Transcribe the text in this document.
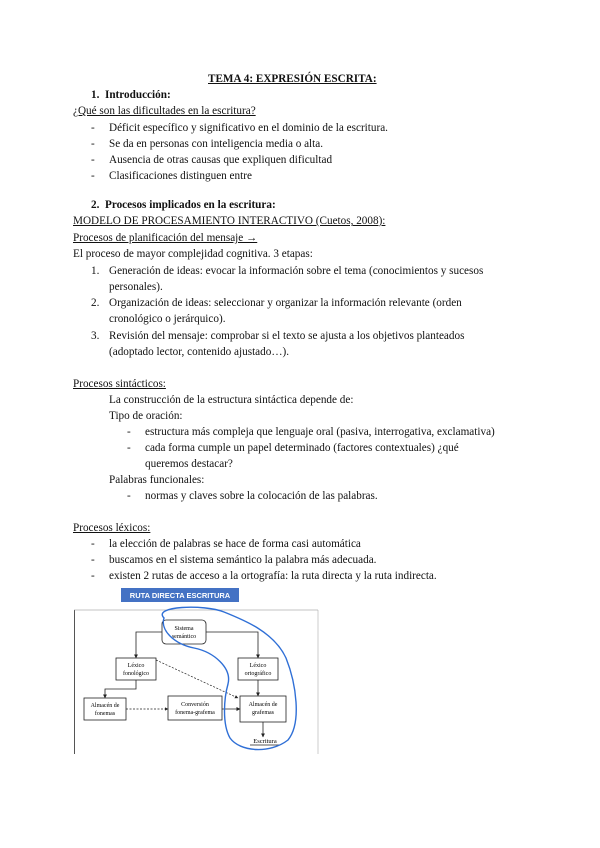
TEMA 4: EXPRESIÓN ESCRITA:
1. Introducción:
¿Qué son las dificultades en la escritura?
- Déficit específico y significativo en el dominio de la escritura.
- Se da en personas con inteligencia media o alta.
- Ausencia de otras causas que expliquen dificultad
- Clasificaciones distinguen entre
2. Procesos implicados en la escritura:
MODELO DE PROCESAMIENTO INTERACTIVO (Cuetos, 2008):
Procesos de planificación del mensaje →
El proceso de mayor complejidad cognitiva. 3 etapas:
1. Generación de ideas: evocar la información sobre el tema (conocimientos y sucesos
personales).
2. Organización de ideas: seleccionar y organizar la información relevante (orden
cronológico o jerárquico).
3. Revisión del mensaje: comprobar si el texto se ajusta a los objetivos planteados
(adoptado lector, contenido ajustado…).
Procesos sintácticos:
La construcción de la estructura sintáctica depende de:
Tipo de oración:
- estructura más compleja que lenguaje oral (pasiva, interrogativa, exclamativa)
- cada forma cumple un papel determinado (factores contextuales) ¿qué
queremos destacar?
Palabras funcionales:
- normas y claves sobre la colocación de las palabras.
Procesos léxicos:
- la elección de palabras se hace de forma casi automática
- buscamos en el sistema semántico la palabra más adecuada.
- existen 2 rutas de acceso a la ortografía: la ruta directa y la ruta indirecta.
RUTA DIRECTA ESCRITURA
Sistema
semántico
Léxico
fonológico
Léxico
ortográfico
Almacén de
fonemas
Conversión
fonema-grafema
Almacén de
grafemas
Escritura
